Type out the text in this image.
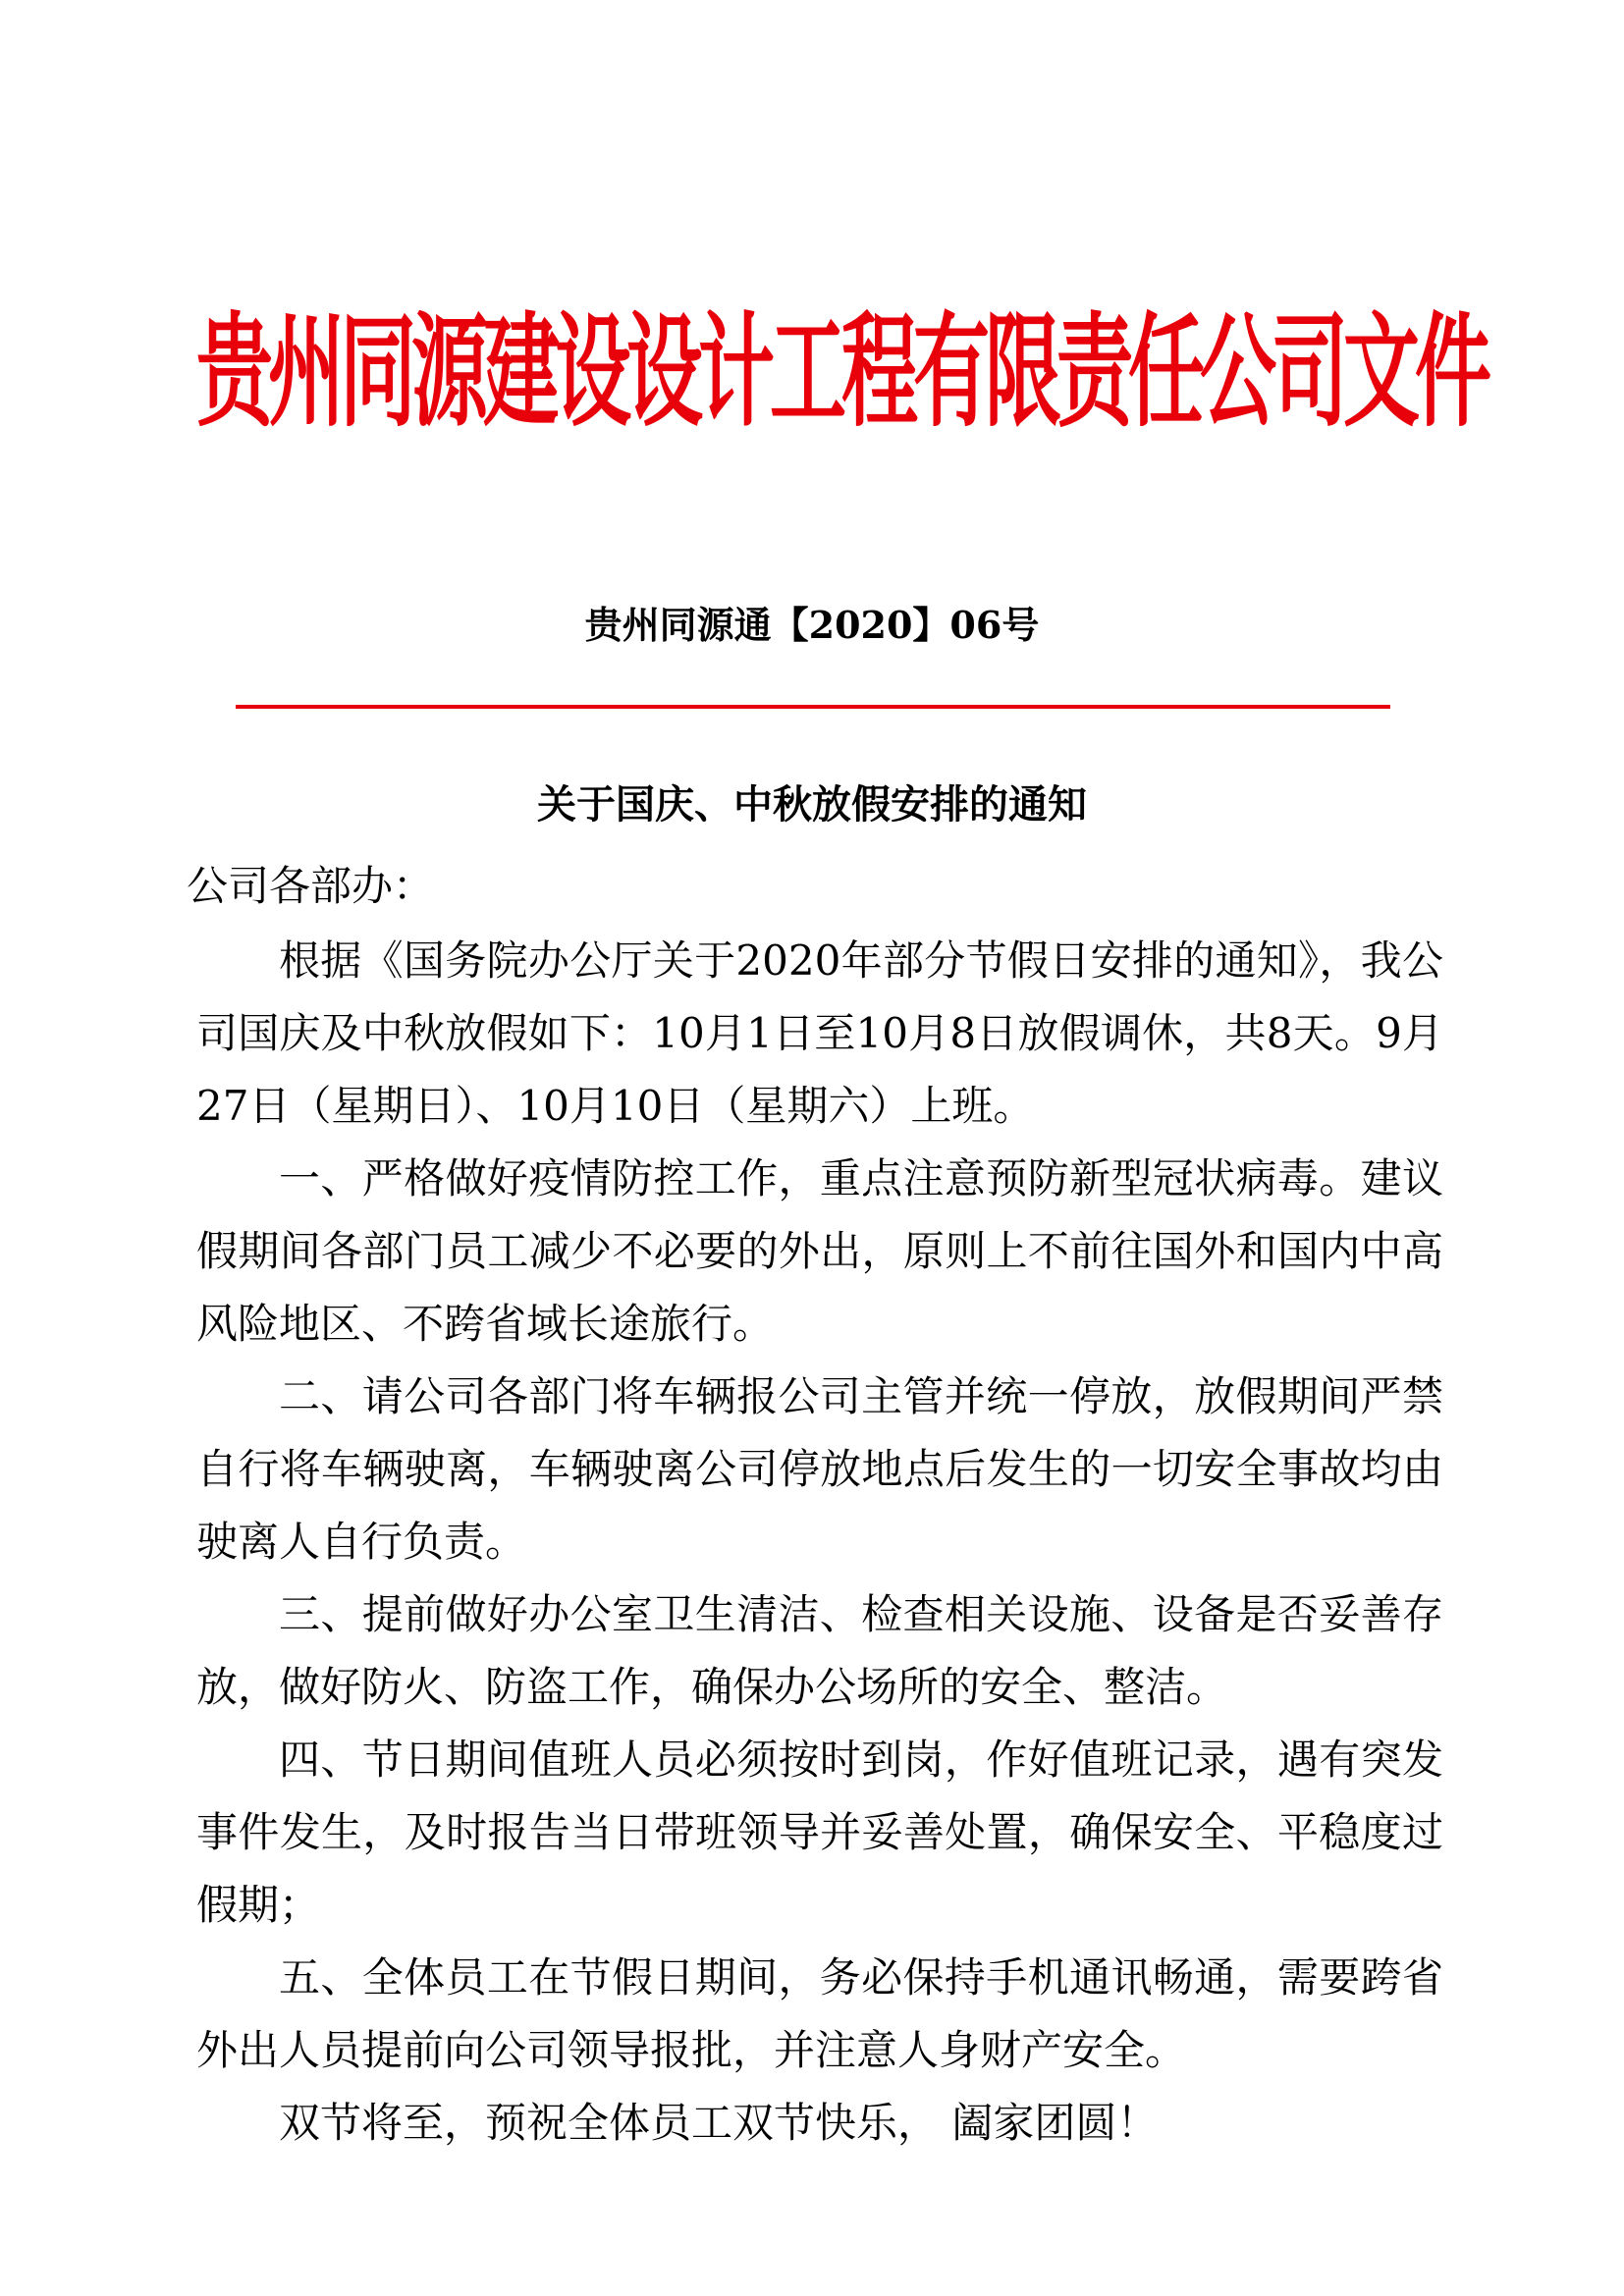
贵州同源建设设计工程有限责任公司文件
贵州同源通【2020】06号
关于国庆、中秋放假安排的通知
公司各部办：

根据《国务院办公厅关于2020年部分节假日安排的通知》，我公司国庆及中秋放假如下：10月1日至10月8日放假调休，共8天。9月27日（星期日）、10月10日（星期六）上班。

一、严格做好疫情防控工作，重点注意预防新型冠状病毒。建议假期间各部门员工减少不必要的外出，原则上不前往国外和国内中高风险地区、不跨省域长途旅行。

二、请公司各部门将车辆报公司主管并统一停放，放假期间严禁自行将车辆驶离，车辆驶离公司停放地点后发生的一切安全事故均由驶离人自行负责。

三、提前做好办公室卫生清洁、检查相关设施、设备是否妥善存放，做好防火、防盗工作，确保办公场所的安全、整洁。

四、节日期间值班人员必须按时到岗，作好值班记录，遇有突发事件发生，及时报告当日带班领导并妥善处置，确保安全、平稳度过假期；

五、全体员工在节假日期间，务必保持手机通讯畅通，需要跨省外出人员提前向公司领导报批，并注意人身财产安全。

双节将至，预祝全体员工双节快乐， 阖家团圆！
